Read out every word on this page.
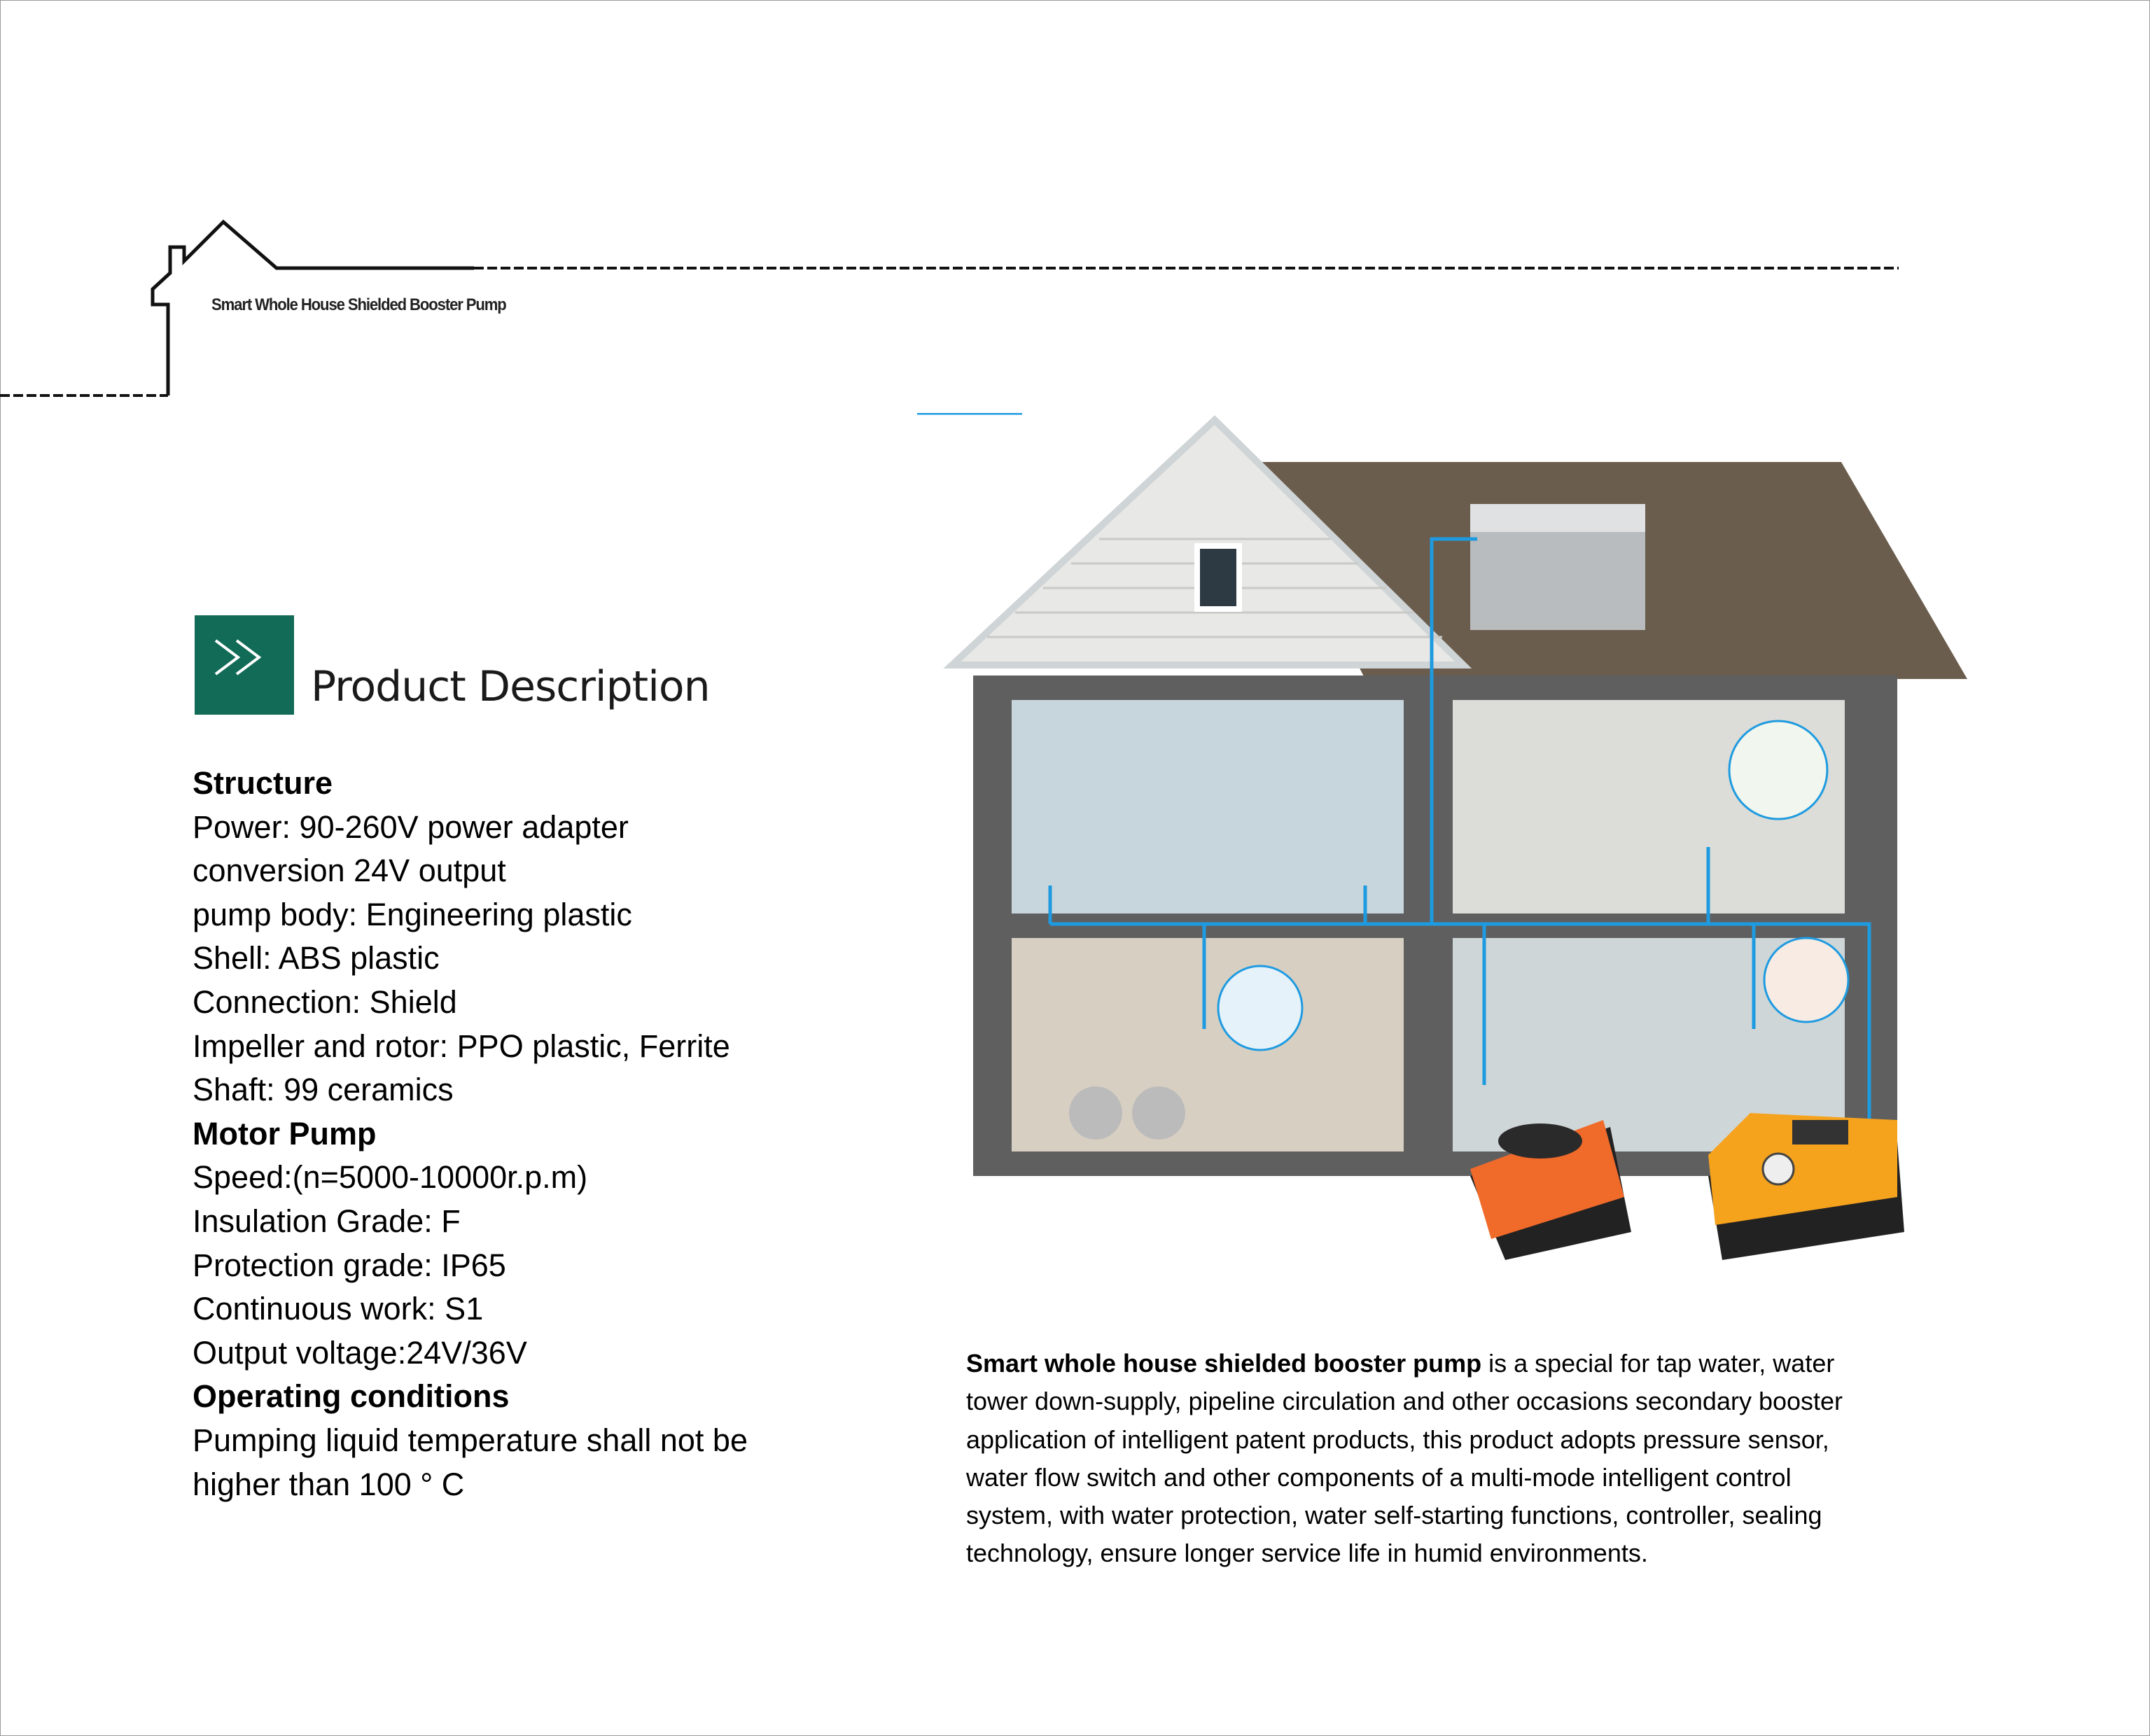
Smart Whole House Shielded Booster Pump
Product Description
Structure
Power: 90-260V power adapter
conversion 24V output
pump body: Engineering plastic
Shell: ABS plastic
Connection: Shield
Impeller and rotor: PPO plastic, Ferrite
Shaft: 99 ceramics
Motor Pump
Speed:(n=5000-10000r.p.m)
Insulation Grade: F
Protection grade: IP65
Continuous work: S1
Output voltage:24V/36V
Operating conditions
Pumping liquid temperature shall not be
higher than 100 ° C
Smart whole house shielded booster pump is a special for tap water, water
tower down-supply, pipeline circulation and other occasions secondary booster
application of intelligent patent products, this product adopts pressure sensor,
water flow switch and other components of a multi-mode intelligent control
system, with water protection, water self-starting functions, controller, sealing
technology, ensure longer service life in humid environments.
